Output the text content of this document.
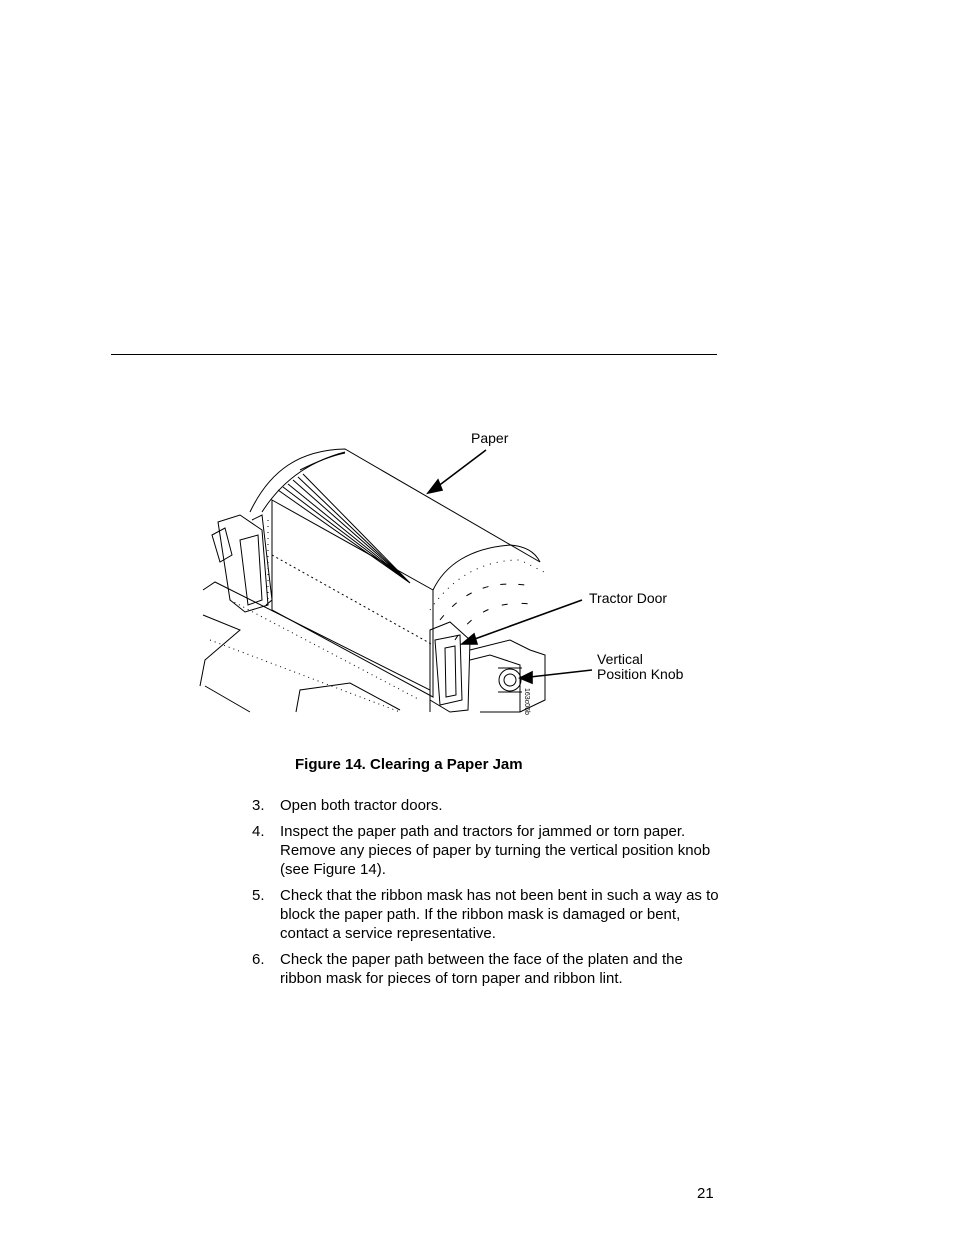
Paper
Tractor Door
Vertical
Position Knob
163c06b
Figure 14. Clearing a Paper Jam
3.	Open both tractor doors.
4.	Inspect the paper path and tractors for jammed or torn paper. Remove any pieces of paper by turning the vertical position knob (see Figure 14).
5.	Check that the ribbon mask has not been bent in such a way as to block the paper path. If the ribbon mask is damaged or bent, contact a service representative.
6.	Check the paper path between the face of the platen and the ribbon mask for pieces of torn paper and ribbon lint.
21
